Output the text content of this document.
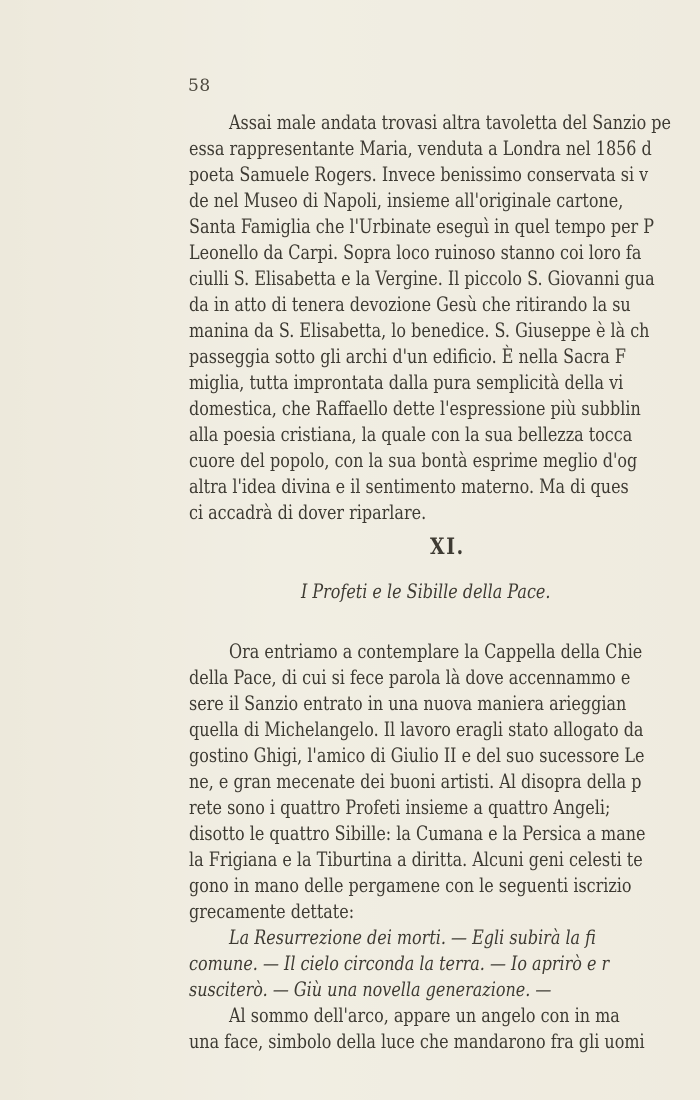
58
Assai male andata trovasi altra tavoletta del Sanzio pe
essa rappresentante Maria, venduta a Londra nel 1856 d
poeta Samuele Rogers. Invece benissimo conservata si v
de nel Museo di Napoli, insieme all'originale cartone,
Santa Famiglia che l'Urbinate eseguì in quel tempo per P
Leonello da Carpi. Sopra loco ruinoso stanno coi loro fa
ciulli S. Elisabetta e la Vergine. Il piccolo S. Giovanni gua
da in atto di tenera devozione Gesù che ritirando la su
manina da S. Elisabetta, lo benedice. S. Giuseppe è là ch
passeggia sotto gli archi d'un edificio. È nella Sacra F
miglia, tutta improntata dalla pura semplicità della vi
domestica, che Raffaello dette l'espressione più subblin
alla poesia cristiana, la quale con la sua bellezza tocca
cuore del popolo, con la sua bontà esprime meglio d'og
altra l'idea divina e il sentimento materno. Ma di ques
ci accadrà di dover riparlare.
XI.
I Profeti e le Sibille della Pace.
Ora entriamo a contemplare la Cappella della Chie
della Pace, di cui si fece parola là dove accennammo e
sere il Sanzio entrato in una nuova maniera arieggian
quella di Michelangelo. Il lavoro eragli stato allogato da
gostino Ghigi, l'amico di Giulio II e del suo sucessore Le
ne, e gran mecenate dei buoni artisti. Al disopra della p
rete sono i quattro Profeti insieme a quattro Angeli;
disotto le quattro Sibille: la Cumana e la Persica a mane
la Frigiana e la Tiburtina a diritta. Alcuni geni celesti te
gono in mano delle pergamene con le seguenti iscrizio
grecamente dettate:
La Resurrezione dei morti. — Egli subirà la fi
comune. — Il cielo circonda la terra. — Io aprirò e r
susciterò. — Giù una novella generazione. —
Al sommo dell'arco, appare un angelo con in ma
una face, simbolo della luce che mandarono fra gli uomi
